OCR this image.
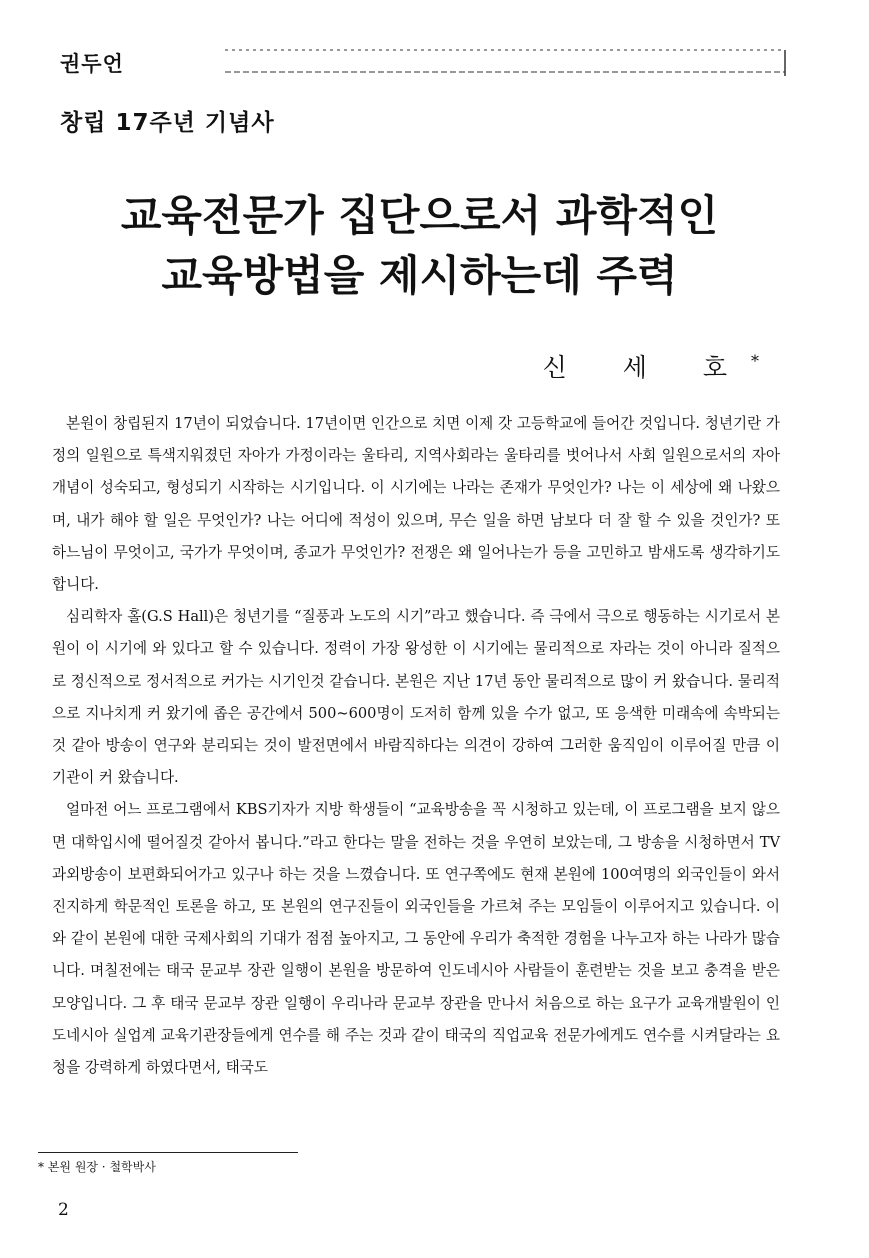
권두언
창립 17주년 기념사
교육전문가 집단으로서 과학적인
교육방법을 제시하는데 주력
신 세 호*

본원이 창립된지 17년이 되었습니다. 17년이면 인간으로 치면 이제 갓 고등학교에 들어간 것입니다. 청년기란 가정의 일원으로 특색지워졌던 자아가 가정이라는 울타리, 지역사회라는 울타리를 벗어나서 사회 일원으로서의 자아개념이 성숙되고, 형성되기 시작하는 시기입니다. 이 시기에는 나라는 존재가 무엇인가? 나는 이 세상에 왜 나왔으며, 내가 해야 할 일은 무엇인가? 나는 어디에 적성이 있으며, 무슨 일을 하면 남보다 더 잘 할 수 있을 것인가? 또 하느님이 무엇이고, 국가가 무엇이며, 종교가 무엇인가? 전쟁은 왜 일어나는가 등을 고민하고 밤새도록 생각하기도 합니다.

심리학자 홀(G.S Hall)은 청년기를 “질풍과 노도의 시기”라고 했습니다. 즉 극에서 극으로 행동하는 시기로서 본원이 이 시기에 와 있다고 할 수 있습니다. 정력이 가장 왕성한 이 시기에는 물리적으로 자라는 것이 아니라 질적으로 정신적으로 정서적으로 커가는 시기인것 같습니다. 본원은 지난 17년 동안 물리적으로 많이 커 왔습니다. 물리적으로 지나치게 커 왔기에 좁은 공간에서 500~600명이 도저히 함께 있을 수가 없고, 또 응색한 미래속에 속박되는 것 같아 방송이 연구와 분리되는 것이 발전면에서 바람직하다는 의견이 강하여 그러한 움직임이 이루어질 만큼 이 기관이 커 왔습니다.

얼마전 어느 프로그램에서 KBS기자가 지방 학생들이 “교육방송을 꼭 시청하고 있는데, 이 프로그램을 보지 않으면 대학입시에 떨어질것 같아서 봅니다.”라고 한다는 말을 전하는 것을 우연히 보았는데, 그 방송을 시청하면서 TV과외방송이 보편화되어가고 있구나 하는 것을 느꼈습니다. 또 연구쪽에도 현재 본원에 100여명의 외국인들이 와서 진지하게 학문적인 토론을 하고, 또 본원의 연구진들이 외국인들을 가르쳐 주는 모임들이 이루어지고 있습니다. 이와 같이 본원에 대한 국제사회의 기대가 점점 높아지고, 그 동안에 우리가 축적한 경험을 나누고자 하는 나라가 많습니다. 며칠전에는 태국 문교부 장관 일행이 본원을 방문하여 인도네시아 사람들이 훈련받는 것을 보고 충격을 받은 모양입니다. 그 후 태국 문교부 장관 일행이 우리나라 문교부 장관을 만나서 처음으로 하는 요구가 교육개발원이 인도네시아 실업계 교육기관장들에게 연수를 해 주는 것과 같이 태국의 직업교육 전문가에게도 연수를 시켜달라는 요청을 강력하게 하였다면서, 태국도

* 본원 원장 · 철학박사
2
